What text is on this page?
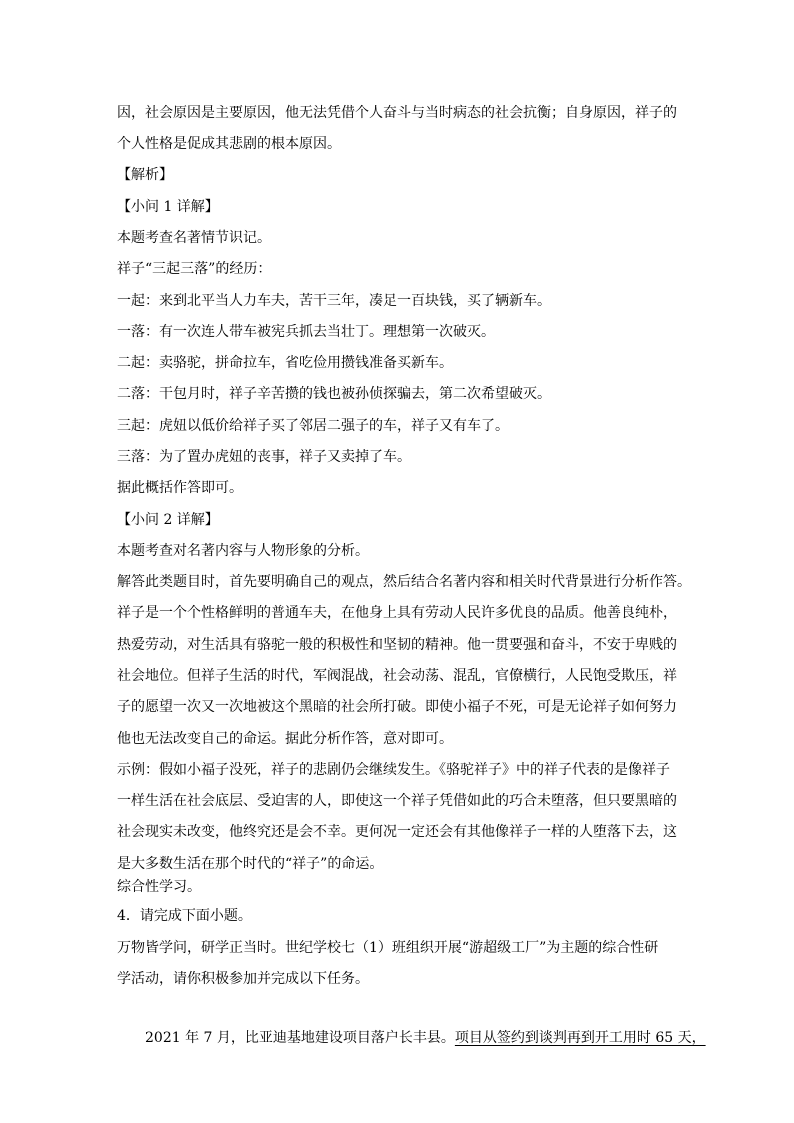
因，社会原因是主要原因，他无法凭借个人奋斗与当时病态的社会抗衡；自身原因，祥子的
个人性格是促成其悲剧的根本原因。
【解析】
【小问 1 详解】
本题考查名著情节识记。
祥子“三起三落”的经历：
一起：来到北平当人力车夫，苦干三年，凑足一百块钱，买了辆新车。
一落：有一次连人带车被宪兵抓去当壮丁。理想第一次破灭。
二起：卖骆驼，拼命拉车，省吃俭用攒钱准备买新车。
二落：干包月时，祥子辛苦攒的钱也被孙侦探骗去，第二次希望破灭。
三起：虎妞以低价给祥子买了邻居二强子的车，祥子又有车了。
三落：为了置办虎妞的丧事，祥子又卖掉了车。
据此概括作答即可。
【小问 2 详解】
本题考查对名著内容与人物形象的分析。
解答此类题目时，首先要明确自己的观点，然后结合名著内容和相关时代背景进行分析作答。
祥子是一个个性格鲜明的普通车夫，在他身上具有劳动人民许多优良的品质。他善良纯朴，
热爱劳动，对生活具有骆驼一般的积极性和坚韧的精神。他一贯要强和奋斗，不安于卑贱的
社会地位。但祥子生活的时代，军阀混战，社会动荡、混乱，官僚横行，人民饱受欺压，祥
子的愿望一次又一次地被这个黑暗的社会所打破。即使小福子不死，可是无论祥子如何努力
他也无法改变自己的命运。据此分析作答，意对即可。
示例：假如小福子没死，祥子的悲剧仍会继续发生。《骆驼祥子》中的祥子代表的是像祥子
一样生活在社会底层、受迫害的人，即使这一个祥子凭借如此的巧合未堕落，但只要黑暗的
社会现实未改变，他终究还是会不幸。更何况一定还会有其他像祥子一样的人堕落下去，这
是大多数生活在那个时代的“祥子”的命运。
综合性学习。
4．请完成下面小题。
万物皆学问，研学正当时。世纪学校七（1）班组织开展“游超级工厂”为主题的综合性研
学活动，请你积极参加并完成以下任务。
2021 年 7 月，比亚迪基地建设项目落户长丰县。项目从签约到谈判再到开工用时 65 天，
